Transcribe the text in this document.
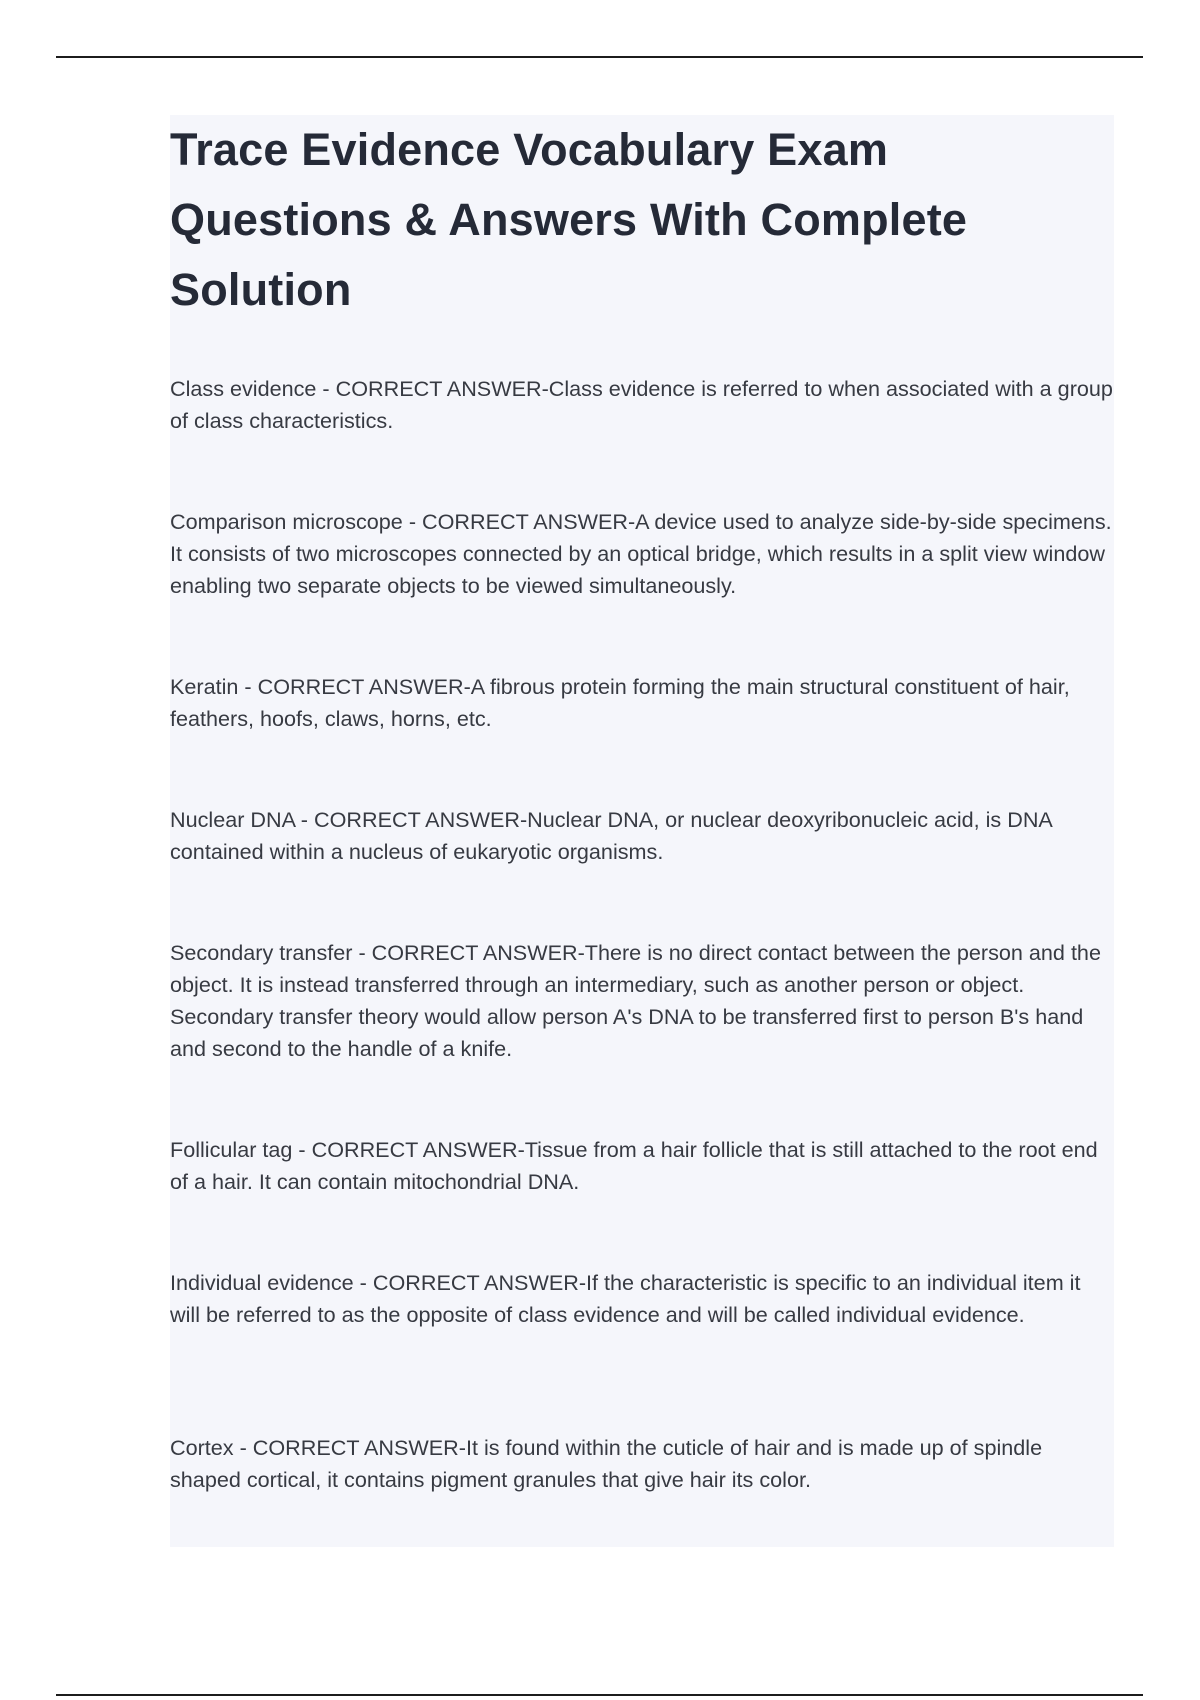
Trace Evidence Vocabulary Exam Questions & Answers With Complete Solution

Class evidence - CORRECT ANSWER-Class evidence is referred to when associated with a group of class characteristics.

Comparison microscope - CORRECT ANSWER-A device used to analyze side-by-side specimens. It consists of two microscopes connected by an optical bridge, which results in a split view window enabling two separate objects to be viewed simultaneously.

Keratin - CORRECT ANSWER-A fibrous protein forming the main structural constituent of hair, feathers, hoofs, claws, horns, etc.

Nuclear DNA - CORRECT ANSWER-Nuclear DNA, or nuclear deoxyribonucleic acid, is DNA contained within a nucleus of eukaryotic organisms.

Secondary transfer - CORRECT ANSWER-There is no direct contact between the person and the object. It is instead transferred through an intermediary, such as another person or object. Secondary transfer theory would allow person A's DNA to be transferred first to person B's hand and second to the handle of a knife.

Follicular tag - CORRECT ANSWER-Tissue from a hair follicle that is still attached to the root end of a hair. It can contain mitochondrial DNA.

Individual evidence - CORRECT ANSWER-If the characteristic is specific to an individual item it will be referred to as the opposite of class evidence and will be called individual evidence.

Cortex - CORRECT ANSWER-It is found within the cuticle of hair and is made up of spindle shaped cortical, it contains pigment granules that give hair its color.
